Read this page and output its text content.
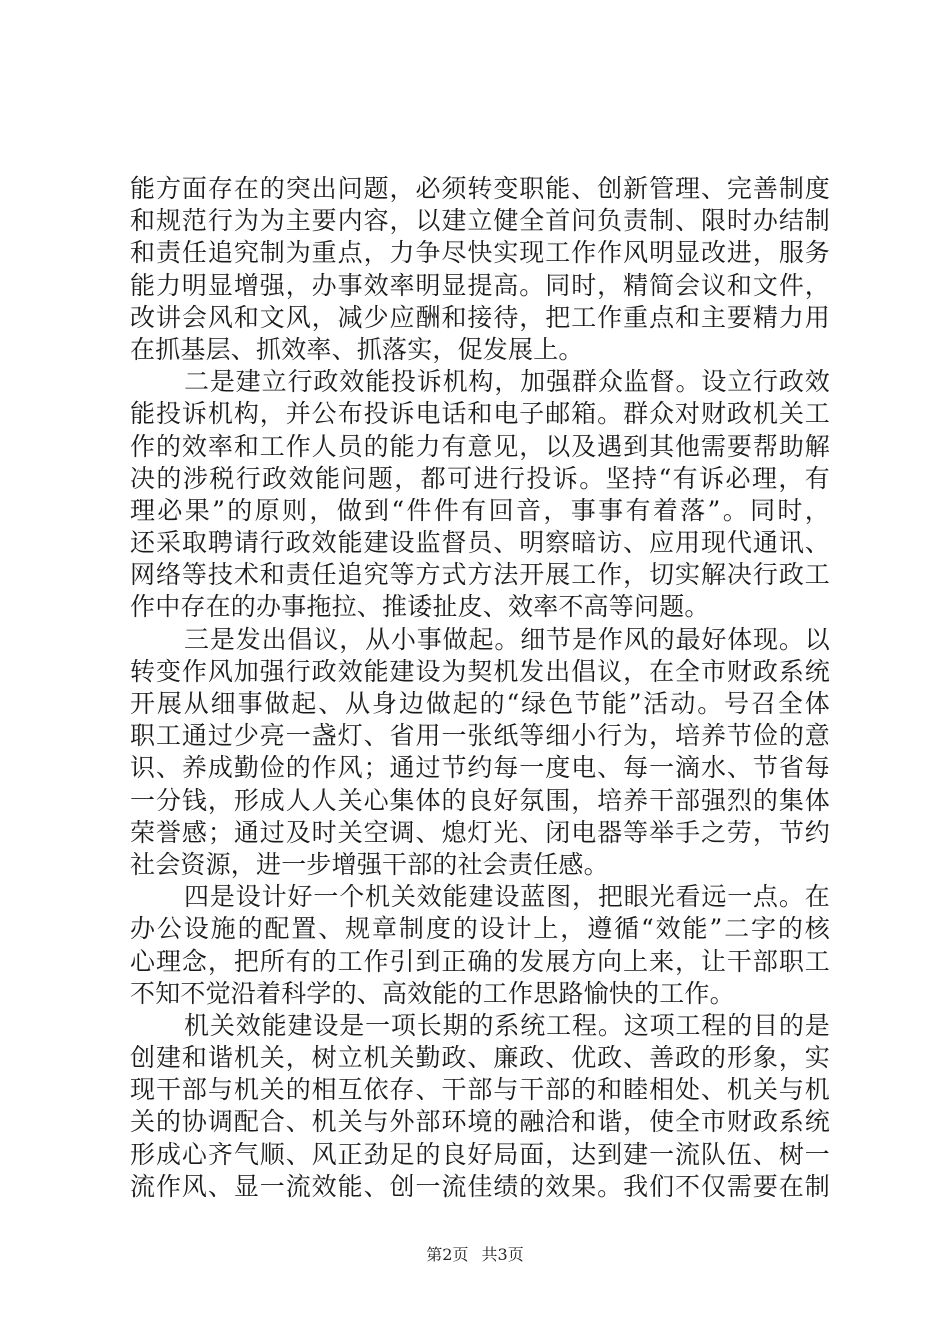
能方面存在的突出问题，必须转变职能、创新管理、完善制度
和规范行为为主要内容，以建立健全首问负责制、限时办结制
和责任追究制为重点，力争尽快实现工作作风明显改进，服务
能力明显增强，办事效率明显提高。同时，精简会议和文件，
改讲会风和文风，减少应酬和接待，把工作重点和主要精力用
在抓基层、抓效率、抓落实，促发展上。
二是建立行政效能投诉机构，加强群众监督。设立行政效
能投诉机构，并公布投诉电话和电子邮箱。群众对财政机关工
作的效率和工作人员的能力有意见，以及遇到其他需要帮助解
决的涉税行政效能问题，都可进行投诉。坚持“有诉必理，有
理必果”的原则，做到“件件有回音，事事有着落”。同时，
还采取聘请行政效能建设监督员、明察暗访、应用现代通讯、
网络等技术和责任追究等方式方法开展工作，切实解决行政工
作中存在的办事拖拉、推诿扯皮、效率不高等问题。
三是发出倡议，从小事做起。细节是作风的最好体现。以
转变作风加强行政效能建设为契机发出倡议，在全市财政系统
开展从细事做起、从身边做起的“绿色节能”活动。号召全体
职工通过少亮一盏灯、省用一张纸等细小行为，培养节俭的意
识、养成勤俭的作风；通过节约每一度电、每一滴水、节省每
一分钱，形成人人关心集体的良好氛围，培养干部强烈的集体
荣誉感；通过及时关空调、熄灯光、闭电器等举手之劳，节约
社会资源，进一步增强干部的社会责任感。
四是设计好一个机关效能建设蓝图，把眼光看远一点。在
办公设施的配置、规章制度的设计上，遵循“效能”二字的核
心理念，把所有的工作引到正确的发展方向上来，让干部职工
不知不觉沿着科学的、高效能的工作思路愉快的工作。
机关效能建设是一项长期的系统工程。这项工程的目的是
创建和谐机关，树立机关勤政、廉政、优政、善政的形象，实
现干部与机关的相互依存、干部与干部的和睦相处、机关与机
关的协调配合、机关与外部环境的融洽和谐，使全市财政系统
形成心齐气顺、风正劲足的良好局面，达到建一流队伍、树一
流作风、显一流效能、创一流佳绩的效果。我们不仅需要在制
第2页 共3页
